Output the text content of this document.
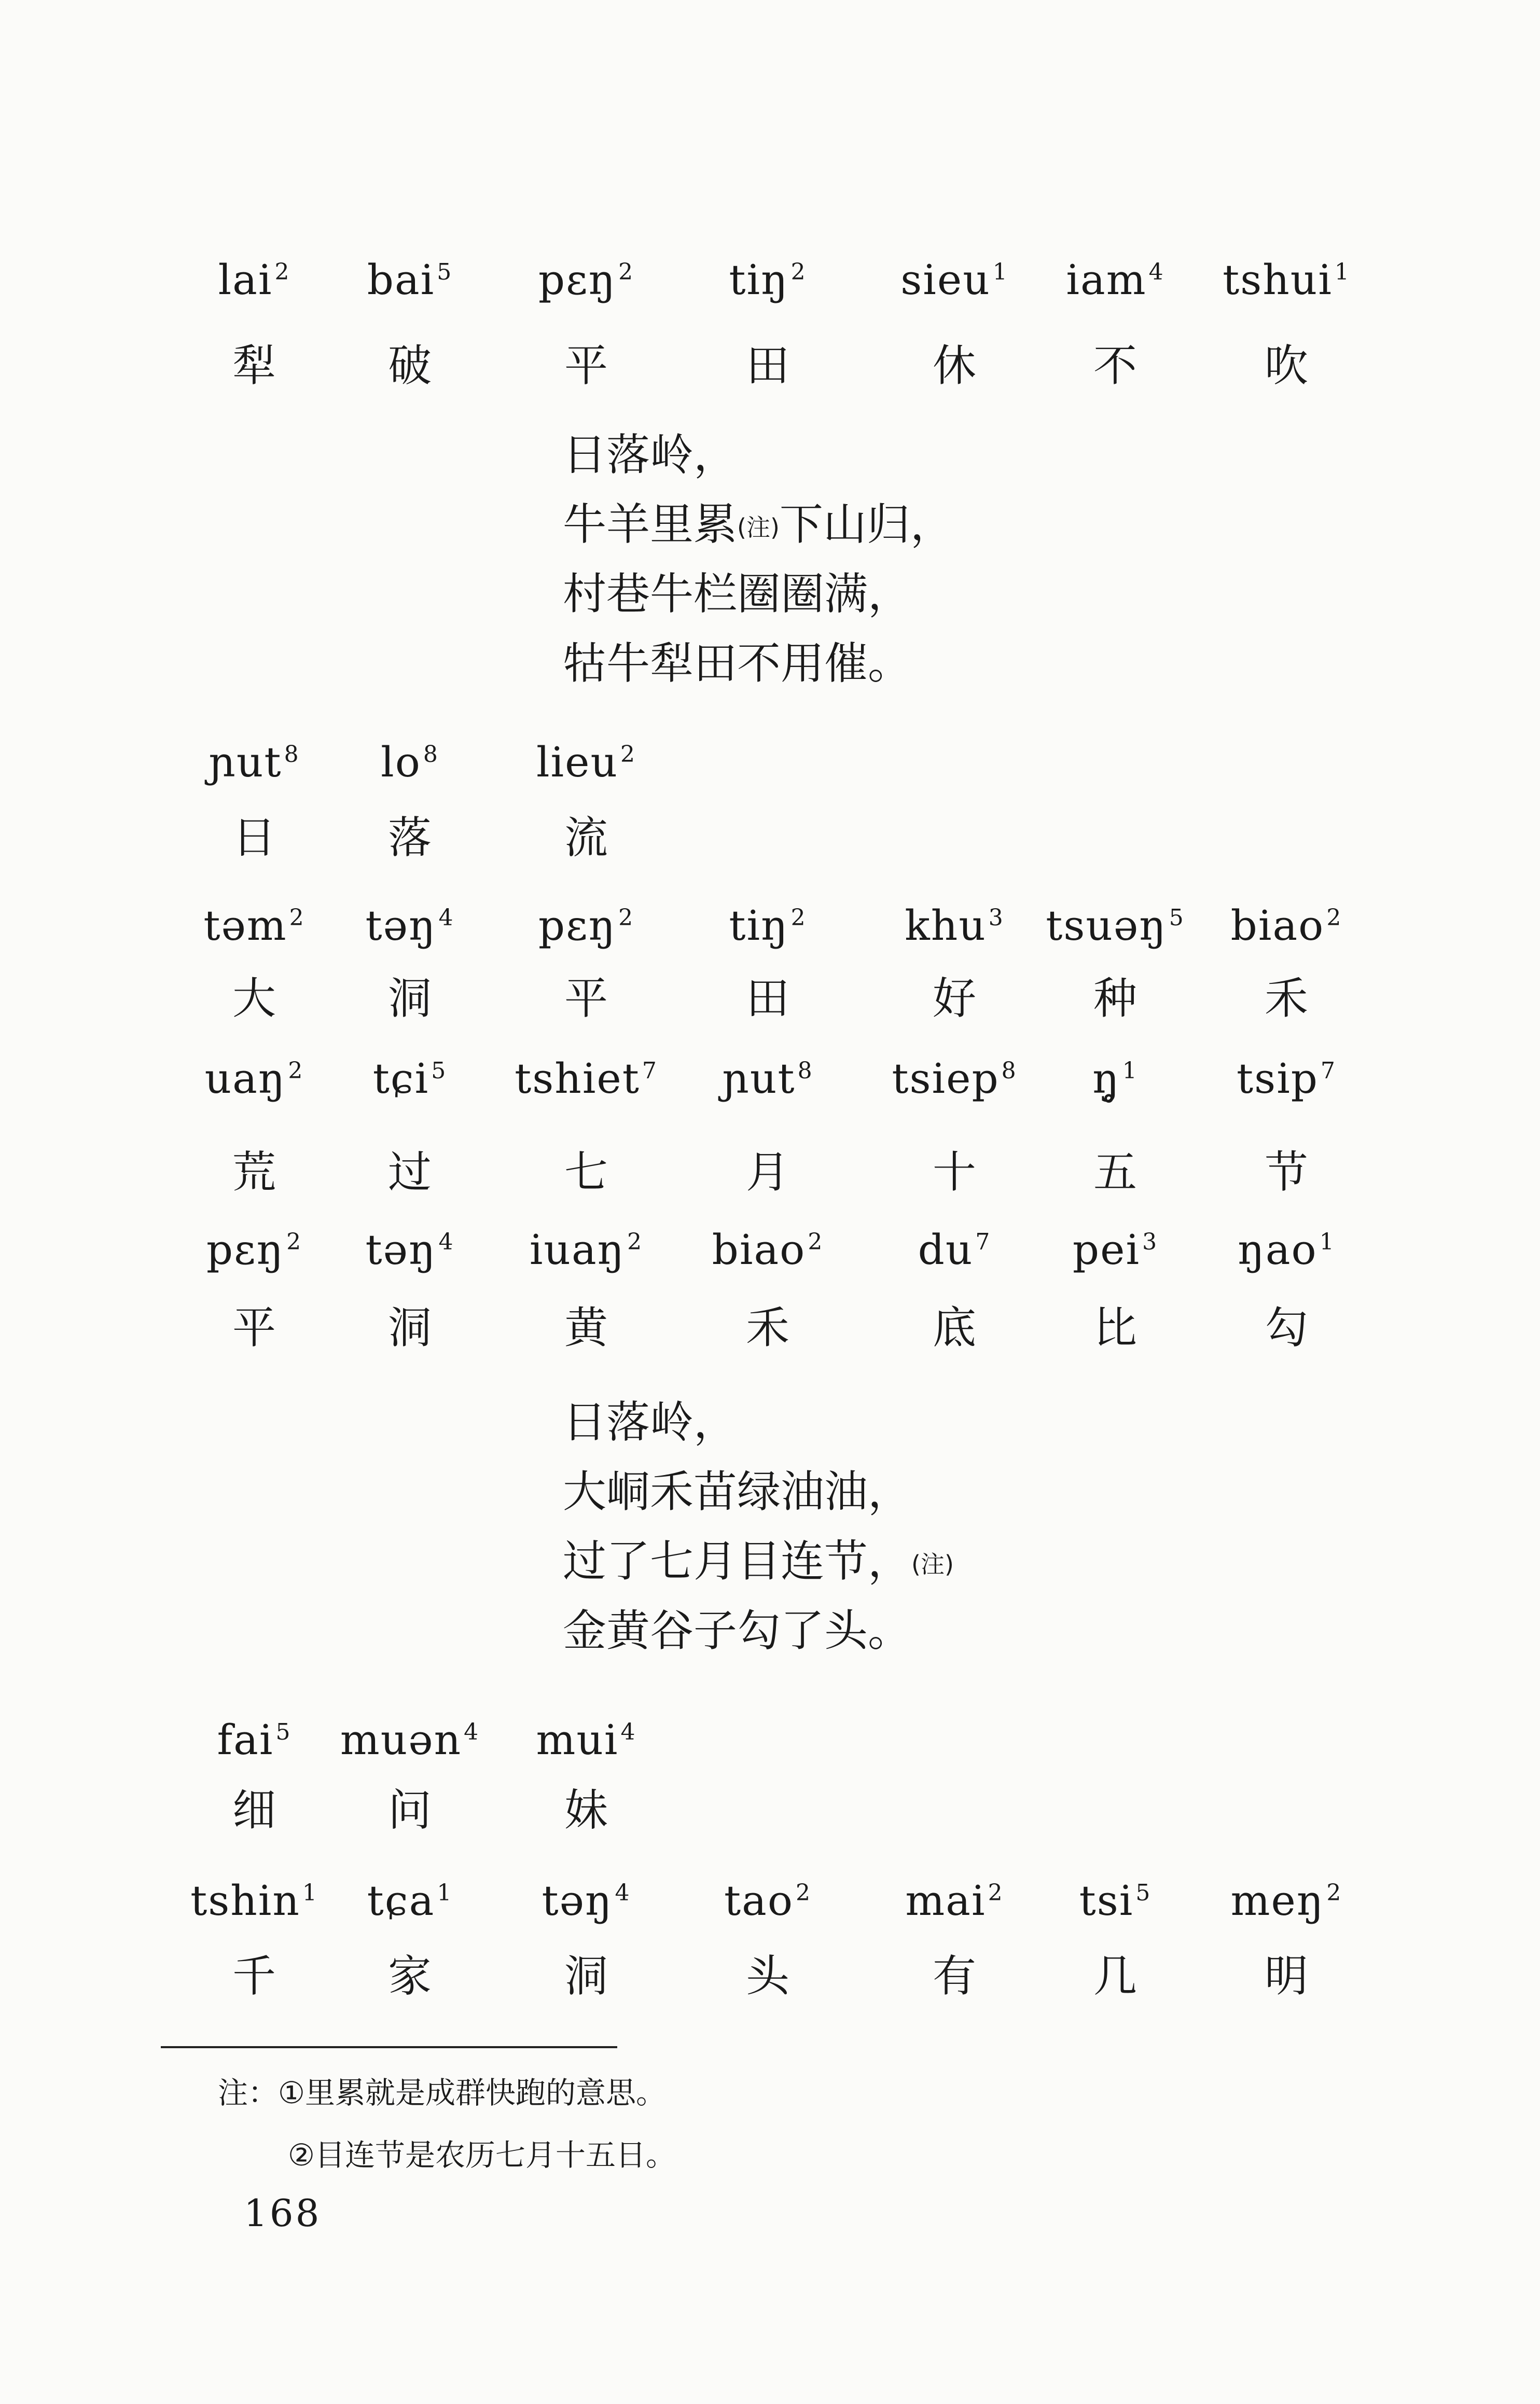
lai$^2$	bai$^5$	pɛŋ$^2$	tiŋ$^2$	sieu$^1$	iam$^4$	tshui$^1$
犁	破	平	田	休	不	吹
日落岭，
牛羊里累(注)下山归，
村巷牛栏圈圈满，
牯牛犁田不用催。
ɲut$^8$	$lo^8$	lieu$^2$
日	落	流
təm$^2$	təŋ$^4$	pɛŋ$^2$	tiŋ$^2$	khu$^3$	tsuəŋ$^5$	biao$^2$
大	洞	平	田	好	种	禾
uaŋ$^2$	tɕi$^5$	tshiet$^7$	ɲut$^8$	tsiep$^8$	ŋ̥$^1$	tsip$^7$
荒	过	七	月	十	五	节
pɛŋ$^2$	təŋ$^4$	iuaŋ$^2$	biao$^2$	$du^7$	pei$^3$	ŋao$^1$
平	洞	黄	禾	底	比	勾
日落岭，
大峒禾苗绿油油，
过了七月目连节，(注)
金黄谷子勾了头。
fai$^5$	muən$^4$	mui$^4$
细	问	妹
tshin$^1$	tɕa$^1$	təŋ$^4$	tao$^2$	mai$^2$	tsi$^5$	meŋ$^2$
千	家	洞	头	有	几	明
注：①里累就是成群快跑的意思。
②目连节是农历七月十五日。
168
